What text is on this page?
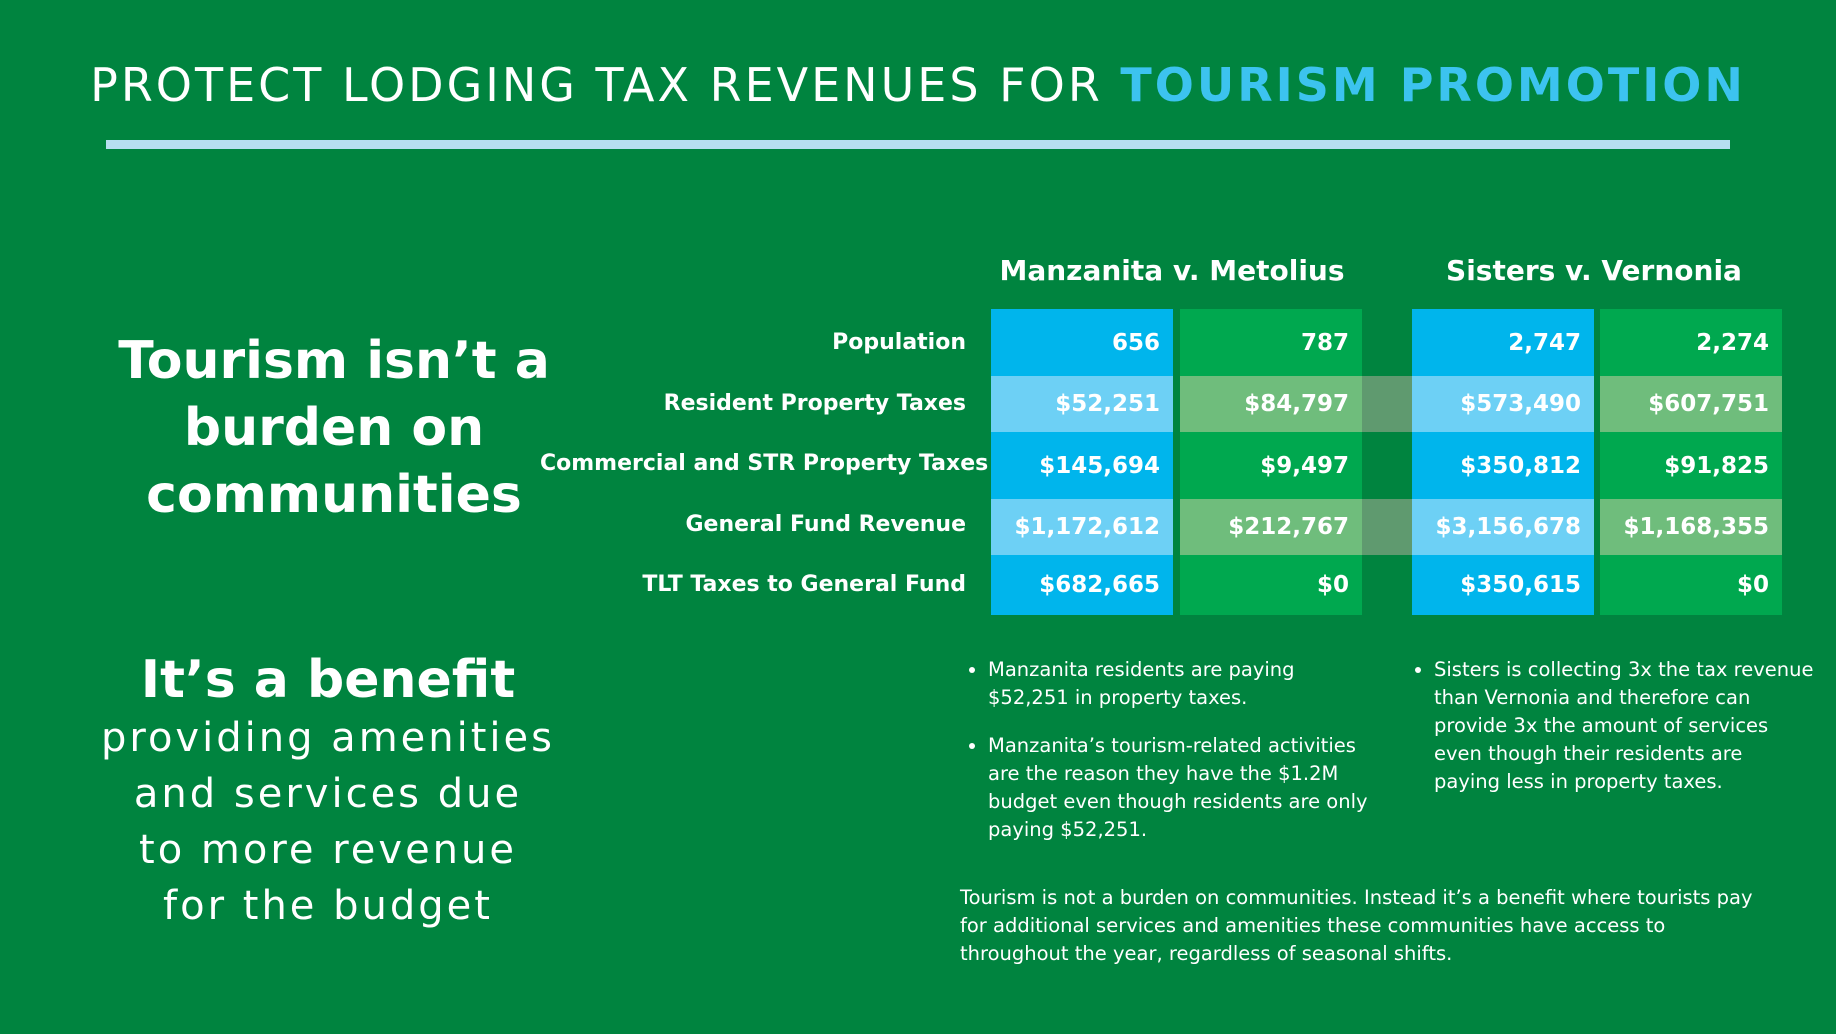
PROTECT LODGING TAX REVENUES FOR TOURISM PROMOTION
Tourism isn’t a
burden on
communities
It’s a benefit
providing amenities
and services due
to more revenue
for the budget
Manzanita v. Metolius	Sisters v. Vernonia
Population	656	787	2,747	2,274
Resident Property Taxes	$52,251	$84,797	$573,490	$607,751
Commercial and STR Property Taxes	$145,694	$9,497	$350,812	$91,825
General Fund Revenue	$1,172,612	$212,767	$3,156,678	$1,168,355
TLT Taxes to General Fund	$682,665	$0	$350,615	$0
• Manzanita residents are paying $52,251 in property taxes.
• Manzanita’s tourism-related activities are the reason they have the $1.2M budget even though residents are only paying $52,251.
• Sisters is collecting 3x the tax revenue than Vernonia and therefore can provide 3x the amount of services even though their residents are paying less in property taxes.
Tourism is not a burden on communities. Instead it’s a benefit where tourists pay for additional services and amenities these communities have access to throughout the year, regardless of seasonal shifts.
